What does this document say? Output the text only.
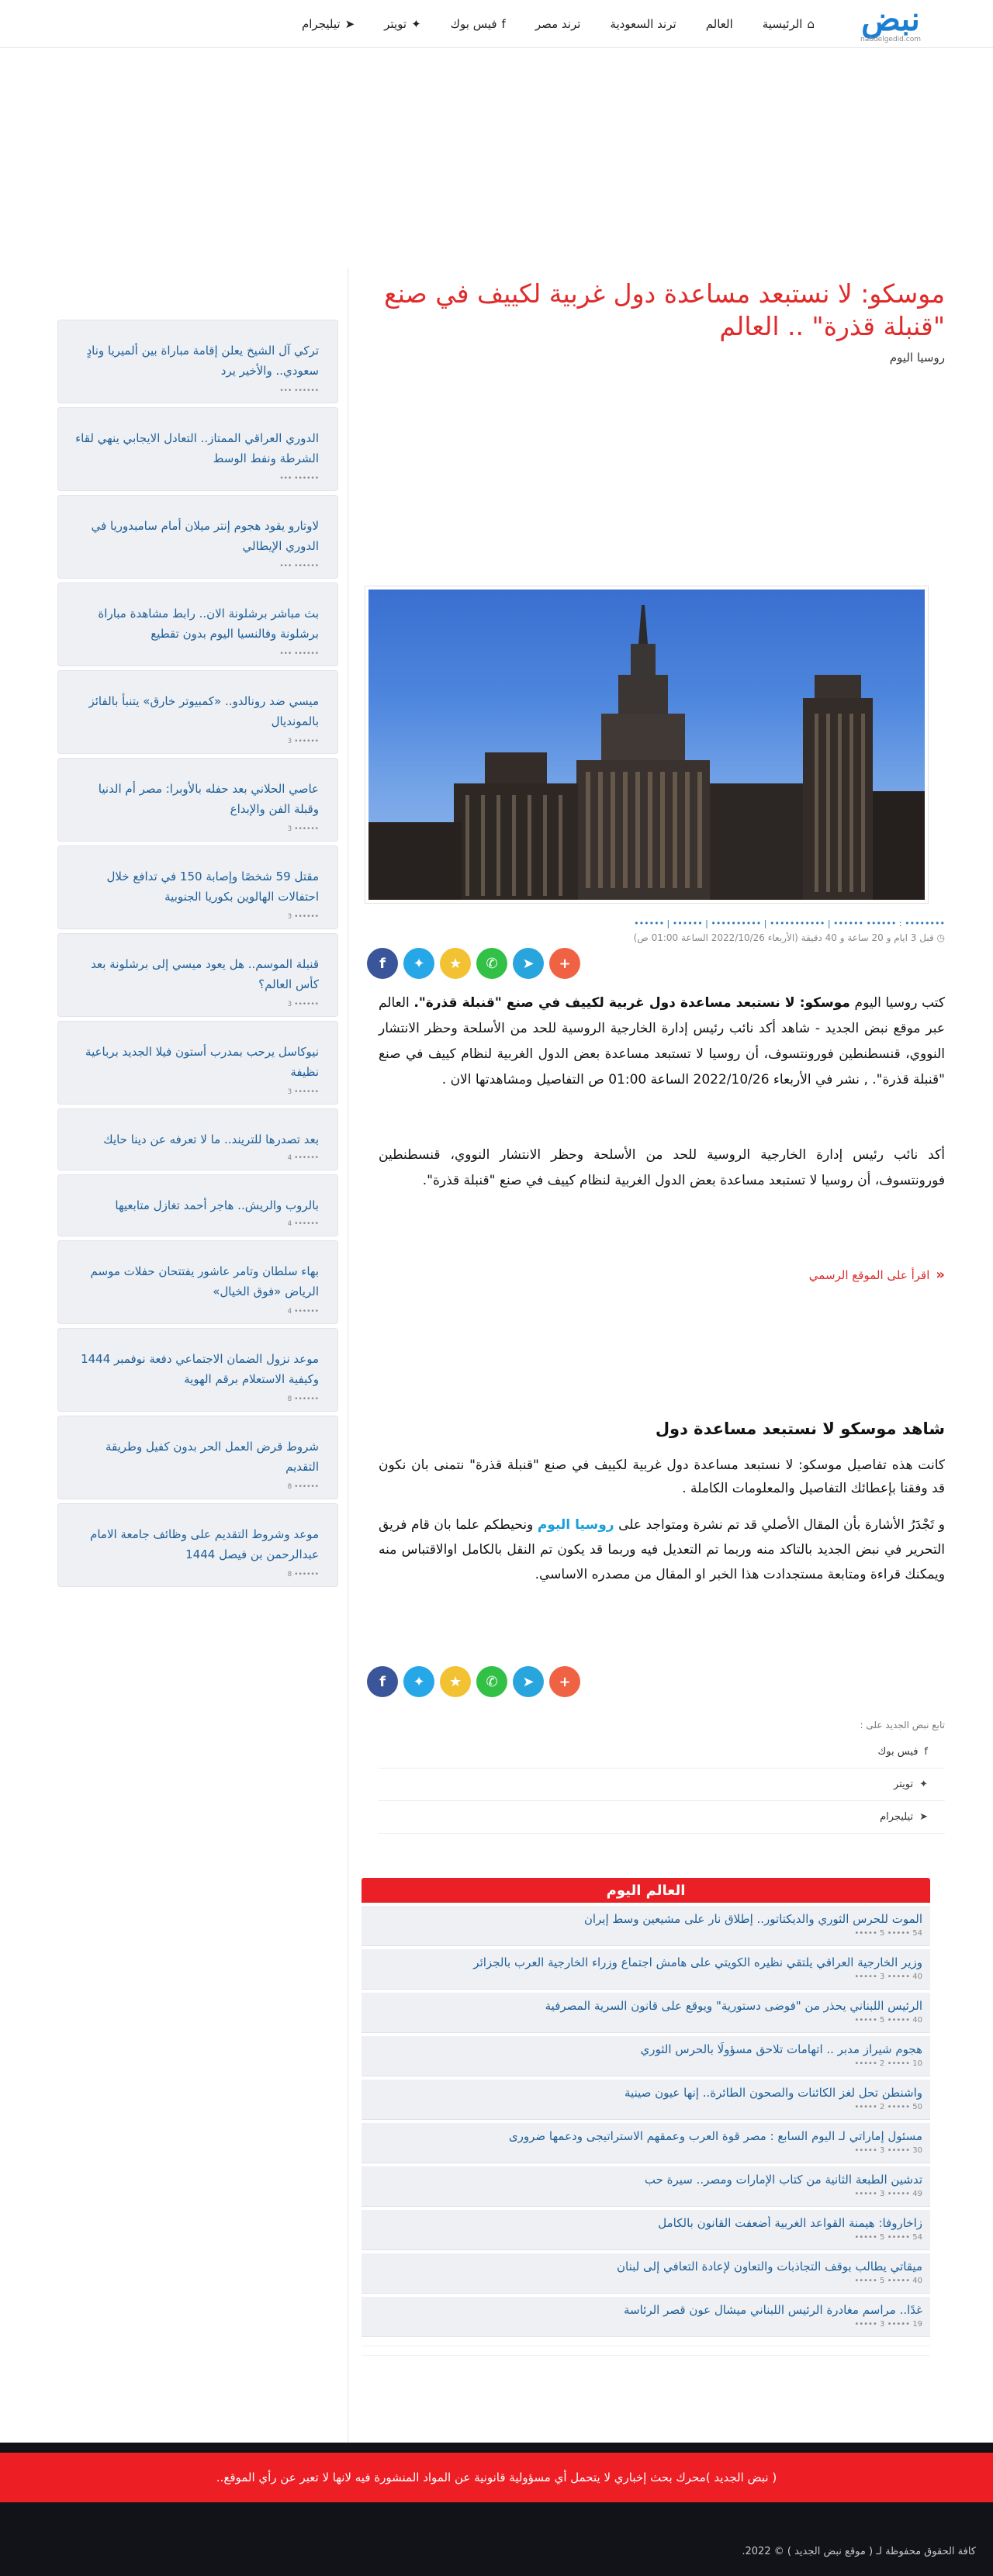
نبض
nabdelgedid.com
⌂
الرئيسية
العالم
ترند السعودية
ترند مصر
f
فيس بوك
✦
تويتر
➤
تيليجرام
موسكو: لا نستبعد مساعدة دول غربية لكييف في صنع "قنبلة قذرة" .. العالم
روسيا اليوم
‏•••••••• : ‏•••••• ‏•••••• ‏| ‏••••••••••• ‏| ‏•••••••••• ‏| ‏•••••• ‏| ‏••••••
◷ قبل 3 ايام و 20 ساعة و 40 دقيقة (الأربعاء 2022/10/26 الساعة 01:00 ص)
f ✦ ★ ✆ ➤ +

كتب روسيا اليوم موسكو: لا نستبعد مساعدة دول غربية لكييف في صنع "قنبلة قذرة". العالم عبر موقع نبض الجديد - شاهد أكد نائب رئيس إدارة الخارجية الروسية للحد من الأسلحة وحظر الانتشار النووي، قنسطنطين فورونتسوف، أن روسيا لا تستبعد مساعدة بعض الدول الغربية لنظام كييف في صنع "قنبلة قذرة". , نشر في الأربعاء 2022/10/26 الساعة 01:00 ص التفاصيل ومشاهدتها الان .

أكد نائب رئيس إدارة الخارجية الروسية للحد من الأسلحة وحظر الانتشار النووي، قنسطنطين فورونتسوف، أن روسيا لا تستبعد مساعدة بعض الدول الغربية لنظام كييف في صنع "قنبلة قذرة".

«
اقرأ على الموقع الرسمي
شاهد موسكو لا نستبعد مساعدة دول

كانت هذه تفاصيل موسكو: لا نستبعد مساعدة دول غربية لكييف في صنع "قنبلة قذرة" نتمنى بان نكون قد وفقنا بإعطائك التفاصيل والمعلومات الكاملة .

و تَجْدَرُ الأشارة بأن المقال الأصلي قد تم نشرة ومتواجد على روسيا اليوم ونحيطكم علما بان قام فريق التحرير في نبض الجديد بالتاكد منه وربما تم التعديل فيه وربما قد يكون تم النقل بالكامل اوالاقتباس منه ويمكنك قراءة ومتابعة مستجدادت هذا الخبر او المقال من مصدره الاساسي.

f ✦ ★ ✆ ➤ +
تابع نبض الجديد على :
f
فيس بوك
✦
تويتر
➤
تيليجرام
العالم اليوم
الموت للحرس الثوري والديكتاتور.. إطلاق نار على مشيعين وسط إيران
54 ••••• 5 •••••
وزير الخارجية العراقي يلتقي نظيره الكويتي على هامش اجتماع وزراء الخارجية العرب بالجزائر
40 ••••• 3 •••••
الرئيس اللبناني يحذر من "فوضى دستورية" ويوقع على قانون السرية المصرفية
40 ••••• 5 •••••
هجوم شيراز مدبر .. اتهامات تلاحق مسؤولًا بالحرس الثوري
10 ••••• 2 •••••
واشنطن تحل لغز الكائنات والصحون الطائرة.. إنها عيون صينية
50 ••••• 2 •••••
مسئول إماراتي لـ اليوم السابع : مصر قوة العرب وعمقهم الاستراتيجى ودعمها ضرورى
30 ••••• 3 •••••
تدشين الطبعة الثانية من كتاب الإمارات ومصر.. سيرة حب
49 ••••• 3 •••••
زاخاروفا: هيمنة القواعد الغربية أضعفت القانون بالكامل
54 ••••• 5 •••••
ميقاتي يطالب بوقف التجاذبات والتعاون لإعادة التعافي إلى لبنان
40 ••••• 5 •••••
غدًا.. مراسم مغادرة الرئيس اللبناني ميشال عون قصر الرئاسة
19 ••••• 3 •••••
تركي آل الشيخ يعلن إقامة مباراة بين ألميريا ونادٍ سعودي.. والأخير يرد
•••••• •••
الدوري العراقي الممتاز.. التعادل الايجابي ينهي لقاء الشرطة ونفط الوسط
•••••• •••
لاوتارو يقود هجوم إنتر ميلان أمام سامبدوريا في الدوري الإيطالي
•••••• •••
بث مباشر برشلونة الان.. رابط مشاهدة مباراة برشلونة وفالنسيا اليوم بدون تقطيع
•••••• •••
ميسي ضد رونالدو.. «كمبيوتر خارق» يتنبأ بالفائز بالمونديال
•••••• 3
عاصي الحلاني بعد حفله بالأوبرا: مصر أم الدنيا وقبلة الفن والإبداع
•••••• 3
مقتل 59 شخصًا وإصابة 150 في تدافع خلال احتفالات الهالوين بكوريا الجنوبية
•••••• 3
قنبلة الموسم.. هل يعود ميسي إلى برشلونة بعد كأس العالم؟
•••••• 3
نيوكاسل يرحب بمدرب أستون فيلا الجديد برباعية نظيفة
•••••• 3
بعد تصدرها للتريند.. ما لا تعرفه عن دينا حايك
•••••• 4
بالروب والريش.. هاجر أحمد تغازل متابعيها
•••••• 4
بهاء سلطان وتامر عاشور يفتتحان حفلات موسم الرياض «فوق الخيال»
•••••• 4
موعد نزول الضمان الاجتماعي دفعة نوفمبر 1444 وكيفية الاستعلام برقم الهوية
•••••• 8
شروط قرض العمل الحر بدون كفيل وطريقة التقديم
•••••• 8
موعد وشروط التقديم على وظائف جامعة الامام عبدالرحمن بن فيصل 1444
•••••• 8
( نبض الجديد )محرك بحث إخباري لا يتحمل أي مسؤولية قانونية عن المواد المنشورة فيه لانها لا تعبر عن رأي الموقع..
كافة الحقوق محفوظة لـ ( موقع نبض الجديد ) © 2022.
